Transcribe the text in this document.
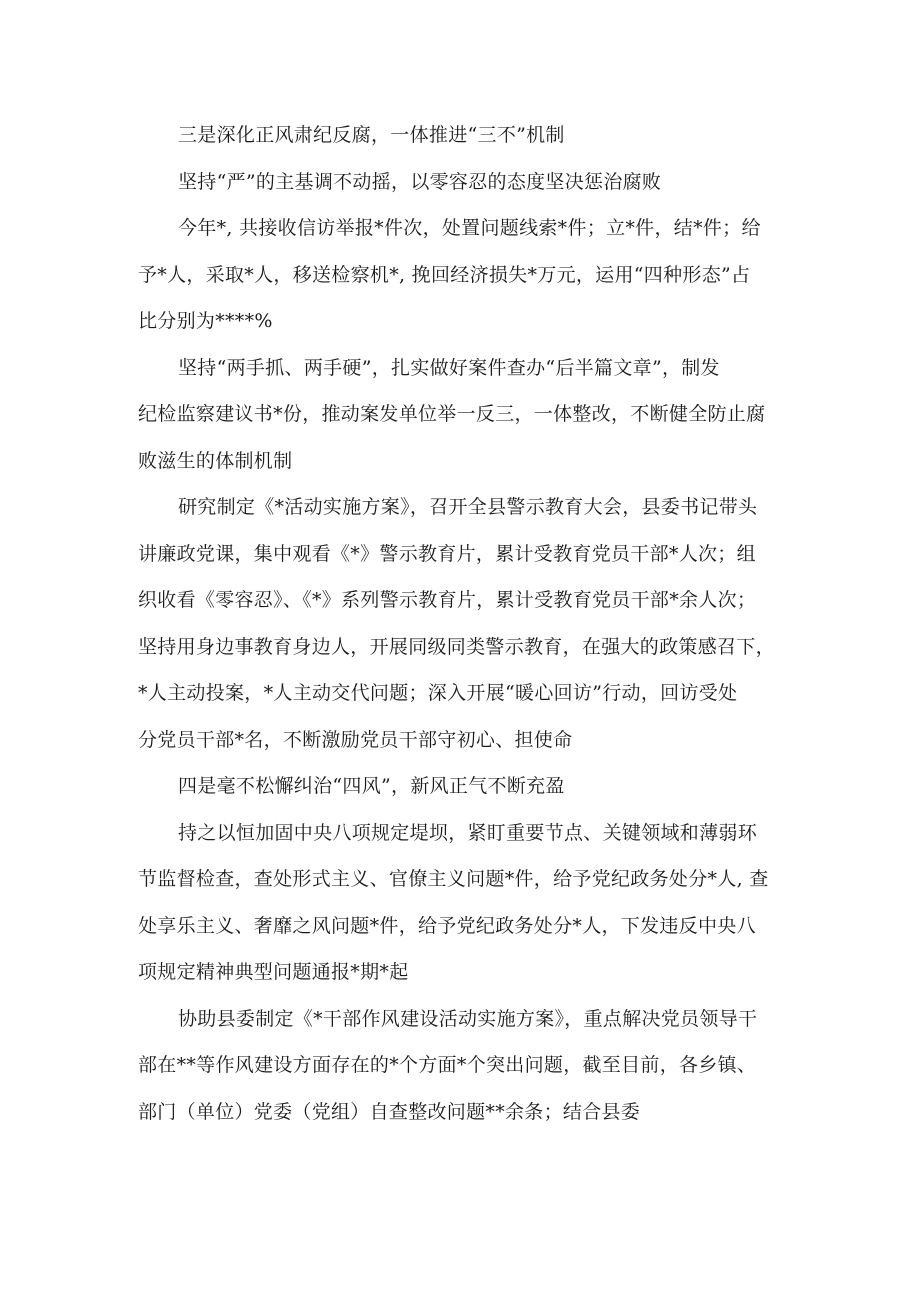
三是深化正风肃纪反腐，一体推进“三不”机制

坚持“严”的主基调不动摇，以零容忍的态度坚决惩治腐败

今年*, 共接收信访举报*件次，处置问题线索*件；立*件，结*件；给
予*人，采取*人，移送检察机*, 挽回经济损失*万元，运用“四种形态”占
比分别为****%

坚持“两手抓、两手硬”，扎实做好案件查办“后半篇文章”，制发
纪检监察建议书*份，推动案发单位举一反三，一体整改，不断健全防止腐
败滋生的体制机制

研究制定《*活动实施方案》，召开全县警示教育大会，县委书记带头
讲廉政党课，集中观看《*》警示教育片，累计受教育党员干部*人次；组
织收看《零容忍》、《*》系列警示教育片，累计受教育党员干部*余人次；
坚持用身边事教育身边人，开展同级同类警示教育，在强大的政策感召下，
*人主动投案，*人主动交代问题；深入开展“暖心回访”行动，回访受处
分党员干部*名，不断激励党员干部守初心、担使命

四是毫不松懈纠治“四风”，新风正气不断充盈

持之以恒加固中央八项规定堤坝，紧盯重要节点、关键领域和薄弱环
节监督检查，查处形式主义、官僚主义问题*件，给予党纪政务处分*人, 查
处享乐主义、奢靡之风问题*件，给予党纪政务处分*人，下发违反中央八
项规定精神典型问题通报*期*起

协助县委制定《*干部作风建设活动实施方案》，重点解决党员领导干
部在**等作风建设方面存在的*个方面*个突出问题，截至目前，各乡镇、
部门（单位）党委（党组）自查整改问题**余条；结合县委
